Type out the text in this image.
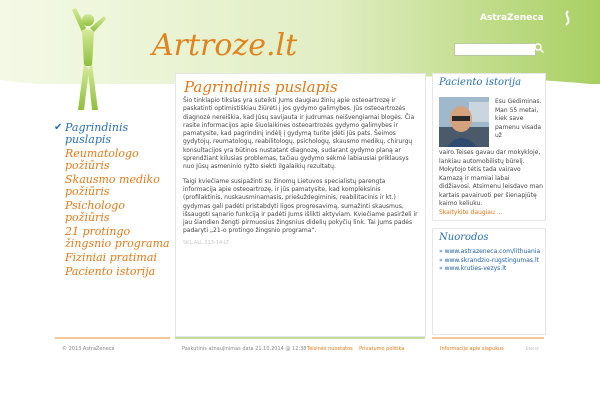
Artroze.lt
AstraZeneca
✔ Pagrindinis puslapis
Reumatologo požiūris
Skausmo mediko požiūris
Psichologo požiūris
21 protingo žingsnio programa
Fiziniai pratimai
Paciento istorija
Pagrindinis puslapis

Šio tinklapio tikslas yra suteikti Jums daugiau žinių apie osteoartrozę ir paskatinti optimistiškiau žiūrėti į jos gydymo galimybes. Jūs osteoartrozės diagnozė nereiškia, kad Jūsų savijauta ir judrumas neišvengiamai blogės. Čia rasite informacijos apie šiuolaikines osteoartrozės gydymo galimybes ir pamatysite, kad pagrindinį indėlį į gydymą turite įdėti Jūs pats. Šeimos gydytojų, reumatologų, reabilitologų, psichologų, skausmo medikų, chirurgų konsultacijos yra būtinos nustatant diagnozę, sudarant gydymo planą ar sprendžiant kilusias problemas, tačiau gydymo sėkmė labiausiai priklausys nuo Jūsų asmeninio ryžto siekti ilgalaikių rezultatų.

Taigi kviečiame susipažinti su žinomų Lietuvos specialistų parengta informacija apie osteoartrozę, ir jūs pamatysite, kad kompleksinis (profilaktinis, nuskausminamasis, priešuždegiminis, reabilitacinis ir kt.) gydymas gali padėti pristabdyti ligos progresavimą, sumažinti skausmus, išsaugoti sąnario funkciją ir padėti Jums išlikti aktyviam. Kviečiame pasirželi ir jau šiandien žengti pirmuosius žingsnius didelių pokyčių link. Tai Jums padės padaryti „21-o protingo žingsnio programa“.

SKL.ALL.513-14-LT
Paciento istorija
Esu Gediminas. Man 55 metai, kiek save pamenu visada už
vairo.Teises gavau dar mokykloje, lankiau automobilistų būrelį. Mokytojo tėtis tada vairavo Kamazą ir mamiai labai didžiavosi. Atsimenu leisdavo man kartais pavairuoti per šienapjūtę kaimo keliuku.
Skaitykite daugiau ...
Nuorodos
» www.astrazeneca.com/lithuania
» www.skrandzio-rugstingumas.lt
» www.kruties-vezys.lt
© 2013 AstraZeneca	Paskutinis atnaujinimas data 21.10.2014 @ 12:38 Teisinės nuostatos Privatumo politika	Informacije apie slapukus	Eblent
